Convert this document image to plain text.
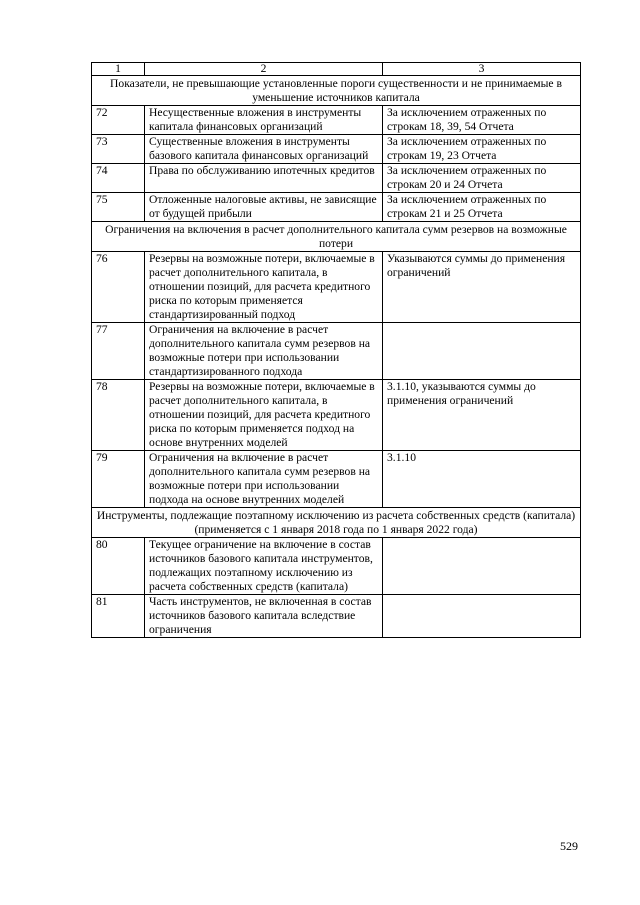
1	2	3
Показатели, не превышающие установленные пороги существенности и не принимаемые в уменьшение источников капитала		
72	Несущественные вложения в инструменты капитала финансовых организаций	За исключением отраженных по строкам 18, 39, 54 Отчета
73	Существенные вложения в инструменты базового капитала финансовых организаций	За исключением отраженных по строкам 19, 23 Отчета
74	Права по обслуживанию ипотечных кредитов	За исключением отраженных по строкам 20 и 24 Отчета
75	Отложенные налоговые активы, не зависящие от будущей прибыли	За исключением отраженных по строкам 21 и 25 Отчета
Ограничения на включения в расчет дополнительного капитала сумм резервов на возможные потери		
76	Резервы на возможные потери, включаемые в расчет дополнительного капитала, в отношении позиций, для расчета кредитного риска по которым применяется стандартизированный подход	Указываются суммы до применения ограничений
77	Ограничения на включение в расчет дополнительного капитала сумм резервов на возможные потери при использовании стандартизированного подхода	
78	Резервы на возможные потери, включаемые в расчет дополнительного капитала, в отношении позиций, для расчета кредитного риска по которым применяется подход на основе внутренних моделей	3.1.10, указываются суммы до применения ограничений
79	Ограничения на включение в расчет дополнительного капитала сумм резервов на возможные потери при использовании подхода на основе внутренних моделей	3.1.10
Инструменты, подлежащие поэтапному исключению из расчета собственных средств (капитала) (применяется с 1 января 2018 года по 1 января 2022 года)		
80	Текущее ограничение на включение в состав источников базового капитала инструментов, подлежащих поэтапному исключению из расчета собственных средств (капитала)	
81	Часть инструментов, не включенная в состав источников базового капитала вследствие ограничения	
529
